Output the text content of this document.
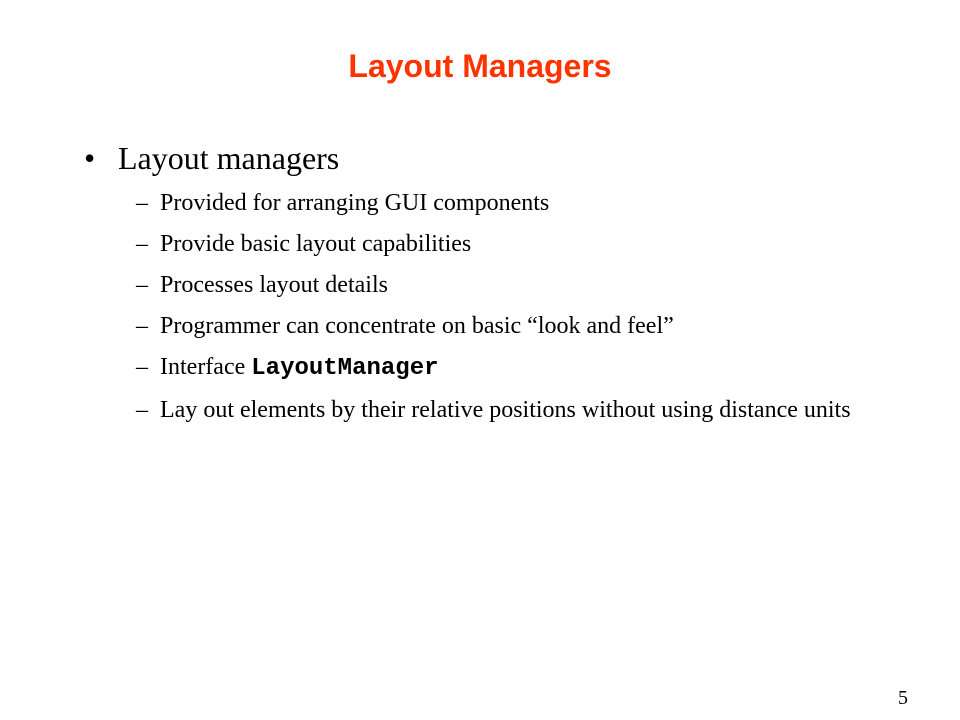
Layout Managers
• Layout managers
– Provided for arranging GUI components
– Provide basic layout capabilities
– Processes layout details
– Programmer can concentrate on basic “look and feel”
– Interface LayoutManager
– Lay out elements by their relative positions without using distance units
5
